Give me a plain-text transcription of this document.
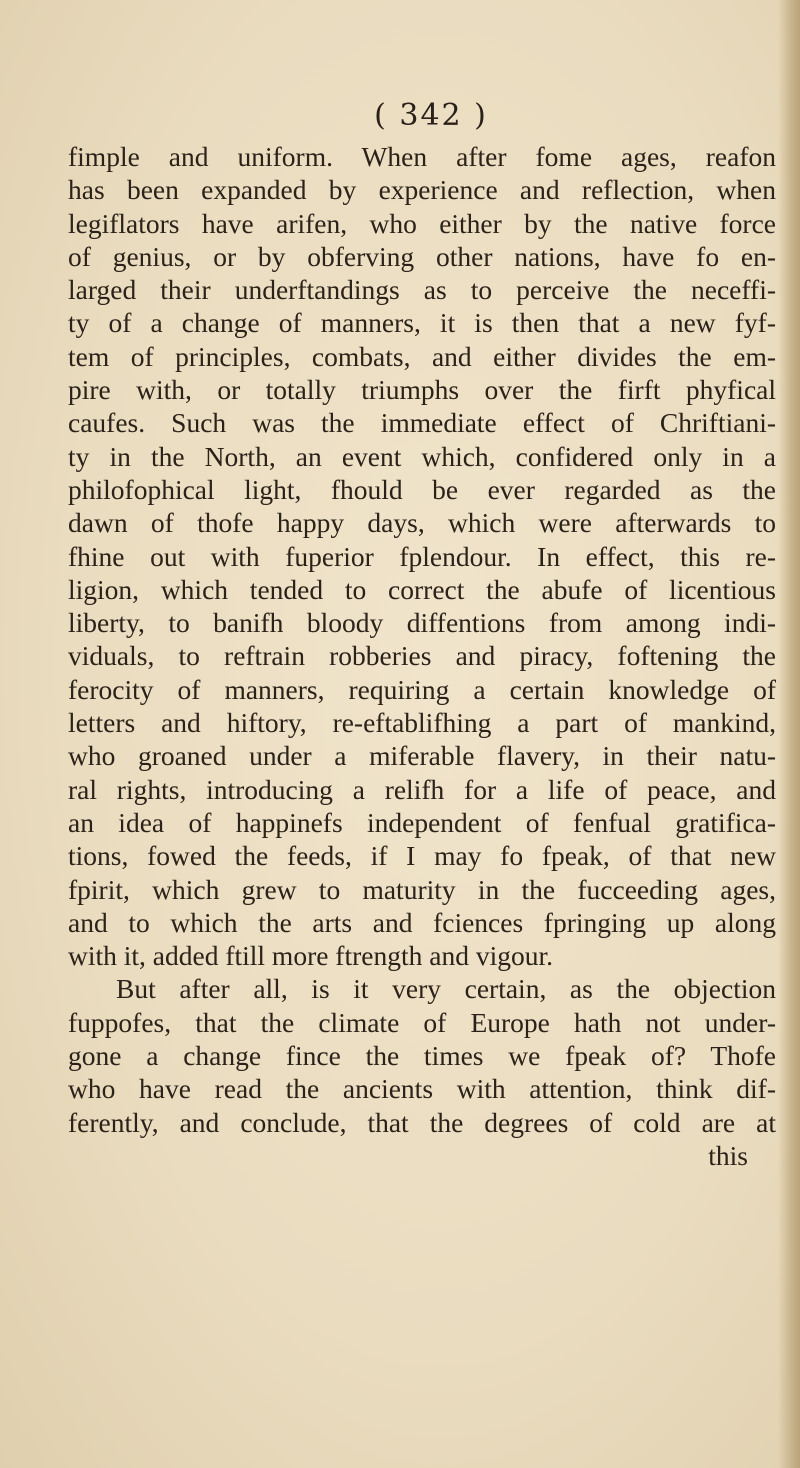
( 342 )
fimple and uniform. When after fome ages, reafon
has been expanded by experience and reflection, when
legiflators have arifen, who either by the native force
of genius, or by obferving other nations, have fo en-
larged their underftandings as to perceive the neceffi-
ty of a change of manners, it is then that a new fyf-
tem of principles, combats, and either divides the em-
pire with, or totally triumphs over the firft phyfical
caufes. Such was the immediate effect of Chriftiani-
ty in the North, an event which, confidered only in a
philofophical light, fhould be ever regarded as the
dawn of thofe happy days, which were afterwards to
fhine out with fuperior fplendour. In effect, this re-
ligion, which tended to correct the abufe of licentious
liberty, to banifh bloody diffentions from among indi-
viduals, to reftrain robberies and piracy, foftening the
ferocity of manners, requiring a certain knowledge of
letters and hiftory, re-eftablifhing a part of mankind,
who groaned under a miferable flavery, in their natu-
ral rights, introducing a relifh for a life of peace, and
an idea of happinefs independent of fenfual gratifica-
tions, fowed the feeds, if I may fo fpeak, of that new
fpirit, which grew to maturity in the fucceeding ages,
and to which the arts and fciences fpringing up along
with it, added ftill more ftrength and vigour.
But after all, is it very certain, as the objection
fuppofes, that the climate of Europe hath not under-
gone a change fince the times we fpeak of? Thofe
who have read the ancients with attention, think dif-
ferently, and conclude, that the degrees of cold are at
this
